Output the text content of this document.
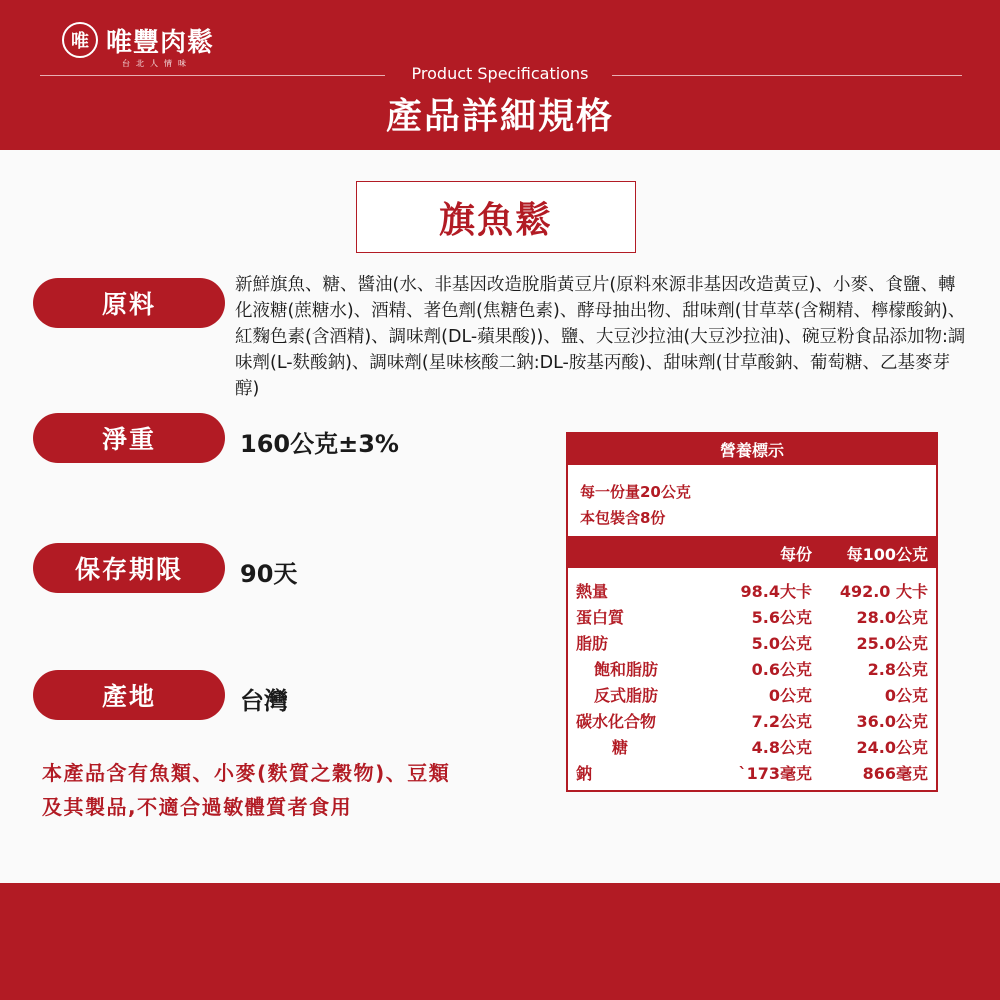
唯 唯豐肉鬆
台北人情味
Product Specifications
產品詳細規格
旗魚鬆
原料
新鮮旗魚、糖、醬油(水、非基因改造脫脂黃豆片(原料來源非基因改造黃豆)、小麥、食鹽、轉化液糖(蔗糖水)、酒精、著色劑(焦糖色素)、酵母抽出物、甜味劑(甘草萃(含糊精、檸檬酸鈉)、紅麴色素(含酒精)、調味劑(DL-蘋果酸))、鹽、大豆沙拉油(大豆沙拉油)、碗豆粉食品添加物:調味劑(L-麩酸鈉)、調味劑(星味核酸二鈉:DL-胺基丙酸)、甜味劑(甘草酸鈉、葡萄糖、乙基麥芽醇)
淨重	160公克±3%
保存期限	90天
產地	台灣
本產品含有魚類、小麥(麩質之穀物)、豆類
及其製品,不適合過敏體質者食用
營養標示
每一份量20公克
本包裝含8份
每份 每100公克
熱量	98.4大卡 492.0 大卡
蛋白質	5.6公克	28.0公克
脂肪	5.0公克	25.0公克
飽和脂肪	0.6公克	2.8公克
反式脂肪	0公克	0公克
碳水化合物	7.2公克	36.0公克
糖	4.8公克	24.0公克
鈉	`173毫克	866毫克
